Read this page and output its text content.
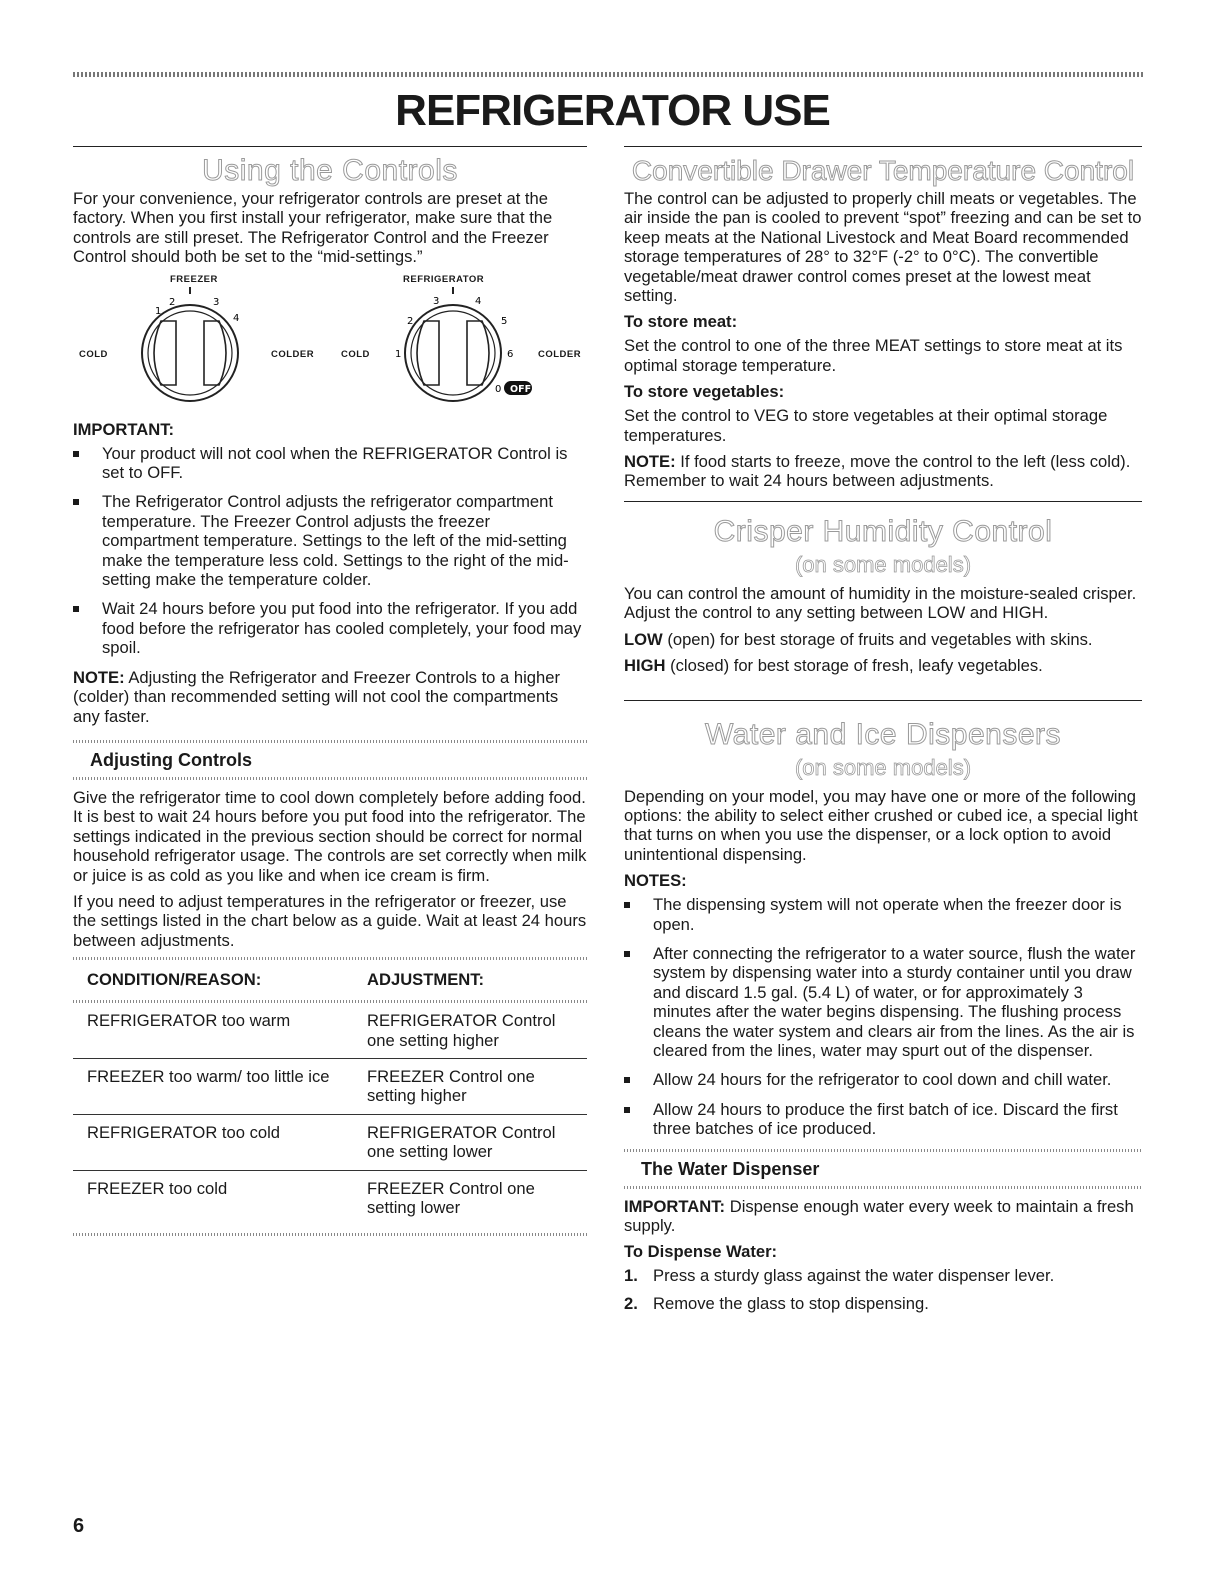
REFRIGERATOR USE
Using the Controls

For your convenience, your refrigerator controls are preset at the factory. When you first install your refrigerator, make sure that the controls are still preset. The Refrigerator Control and the Freezer Control should both be set to the “mid-settings.”

FREEZER	REFRIGERATOR
COLD	COLDER	COLD	COLDER
1
2	3
4
1
2
3	4
5
6
0 OFF
IMPORTANT:
Your product will not cool when the REFRIGERATOR Control is set to OFF.
The Refrigerator Control adjusts the refrigerator compartment temperature. The Freezer Control adjusts the freezer compartment temperature. Settings to the left of the mid-setting make the temperature less cold. Settings to the right of the mid-setting make the temperature colder.
Wait 24 hours before you put food into the refrigerator. If you add food before the refrigerator has cooled completely, your food may spoil.

NOTE: Adjusting the Refrigerator and Freezer Controls to a higher (colder) than recommended setting will not cool the compartments any faster.

Adjusting Controls

Give the refrigerator time to cool down completely before adding food. It is best to wait 24 hours before you put food into the refrigerator. The settings indicated in the previous section should be correct for normal household refrigerator usage. The controls are set correctly when milk or juice is as cold as you like and when ice cream is firm.

If you need to adjust temperatures in the refrigerator or freezer, use the settings listed in the chart below as a guide. Wait at least 24 hours between adjustments.

CONDITION/REASON:	ADJUSTMENT:

REFRIGERATOR too warm	REFRIGERATOR Control one setting higher
FREEZER too warm/ too little ice	FREEZER Control one setting higher
REFRIGERATOR too cold	REFRIGERATOR Control one setting lower
FREEZER too cold	FREEZER Control one setting lower
Convertible Drawer Temperature Control

The control can be adjusted to properly chill meats or vegetables. The air inside the pan is cooled to prevent “spot” freezing and can be set to keep meats at the National Livestock and Meat Board recommended storage temperatures of 28° to 32°F (-2° to 0°C). The convertible vegetable/meat drawer control comes preset at the lowest meat setting.

To store meat:

Set the control to one of the three MEAT settings to store meat at its optimal storage temperature.

To store vegetables:

Set the control to VEG to store vegetables at their optimal storage temperatures.

NOTE: If food starts to freeze, move the control to the left (less cold). Remember to wait 24 hours between adjustments.

Crisper Humidity Control
(on some models)

You can control the amount of humidity in the moisture-sealed crisper. Adjust the control to any setting between LOW and HIGH.

LOW (open) for best storage of fruits and vegetables with skins.

HIGH (closed) for best storage of fresh, leafy vegetables.

Water and Ice Dispensers
(on some models)

Depending on your model, you may have one or more of the following options: the ability to select either crushed or cubed ice, a special light that turns on when you use the dispenser, or a lock option to avoid unintentional dispensing.

NOTES:
The dispensing system will not operate when the freezer door is open.
After connecting the refrigerator to a water source, flush the water system by dispensing water into a sturdy container until you draw and discard 1.5 gal. (5.4 L) of water, or for approximately 3 minutes after the water begins dispensing. The flushing process cleans the water system and clears air from the lines. As the air is cleared from the lines, water may spurt out of the dispenser.
Allow 24 hours for the refrigerator to cool down and chill water.
Allow 24 hours to produce the first batch of ice. Discard the first three batches of ice produced.
The Water Dispenser

IMPORTANT: Dispense enough water every week to maintain a fresh supply.

To Dispense Water:
1. Press a sturdy glass against the water dispenser lever.
2. Remove the glass to stop dispensing.
6
